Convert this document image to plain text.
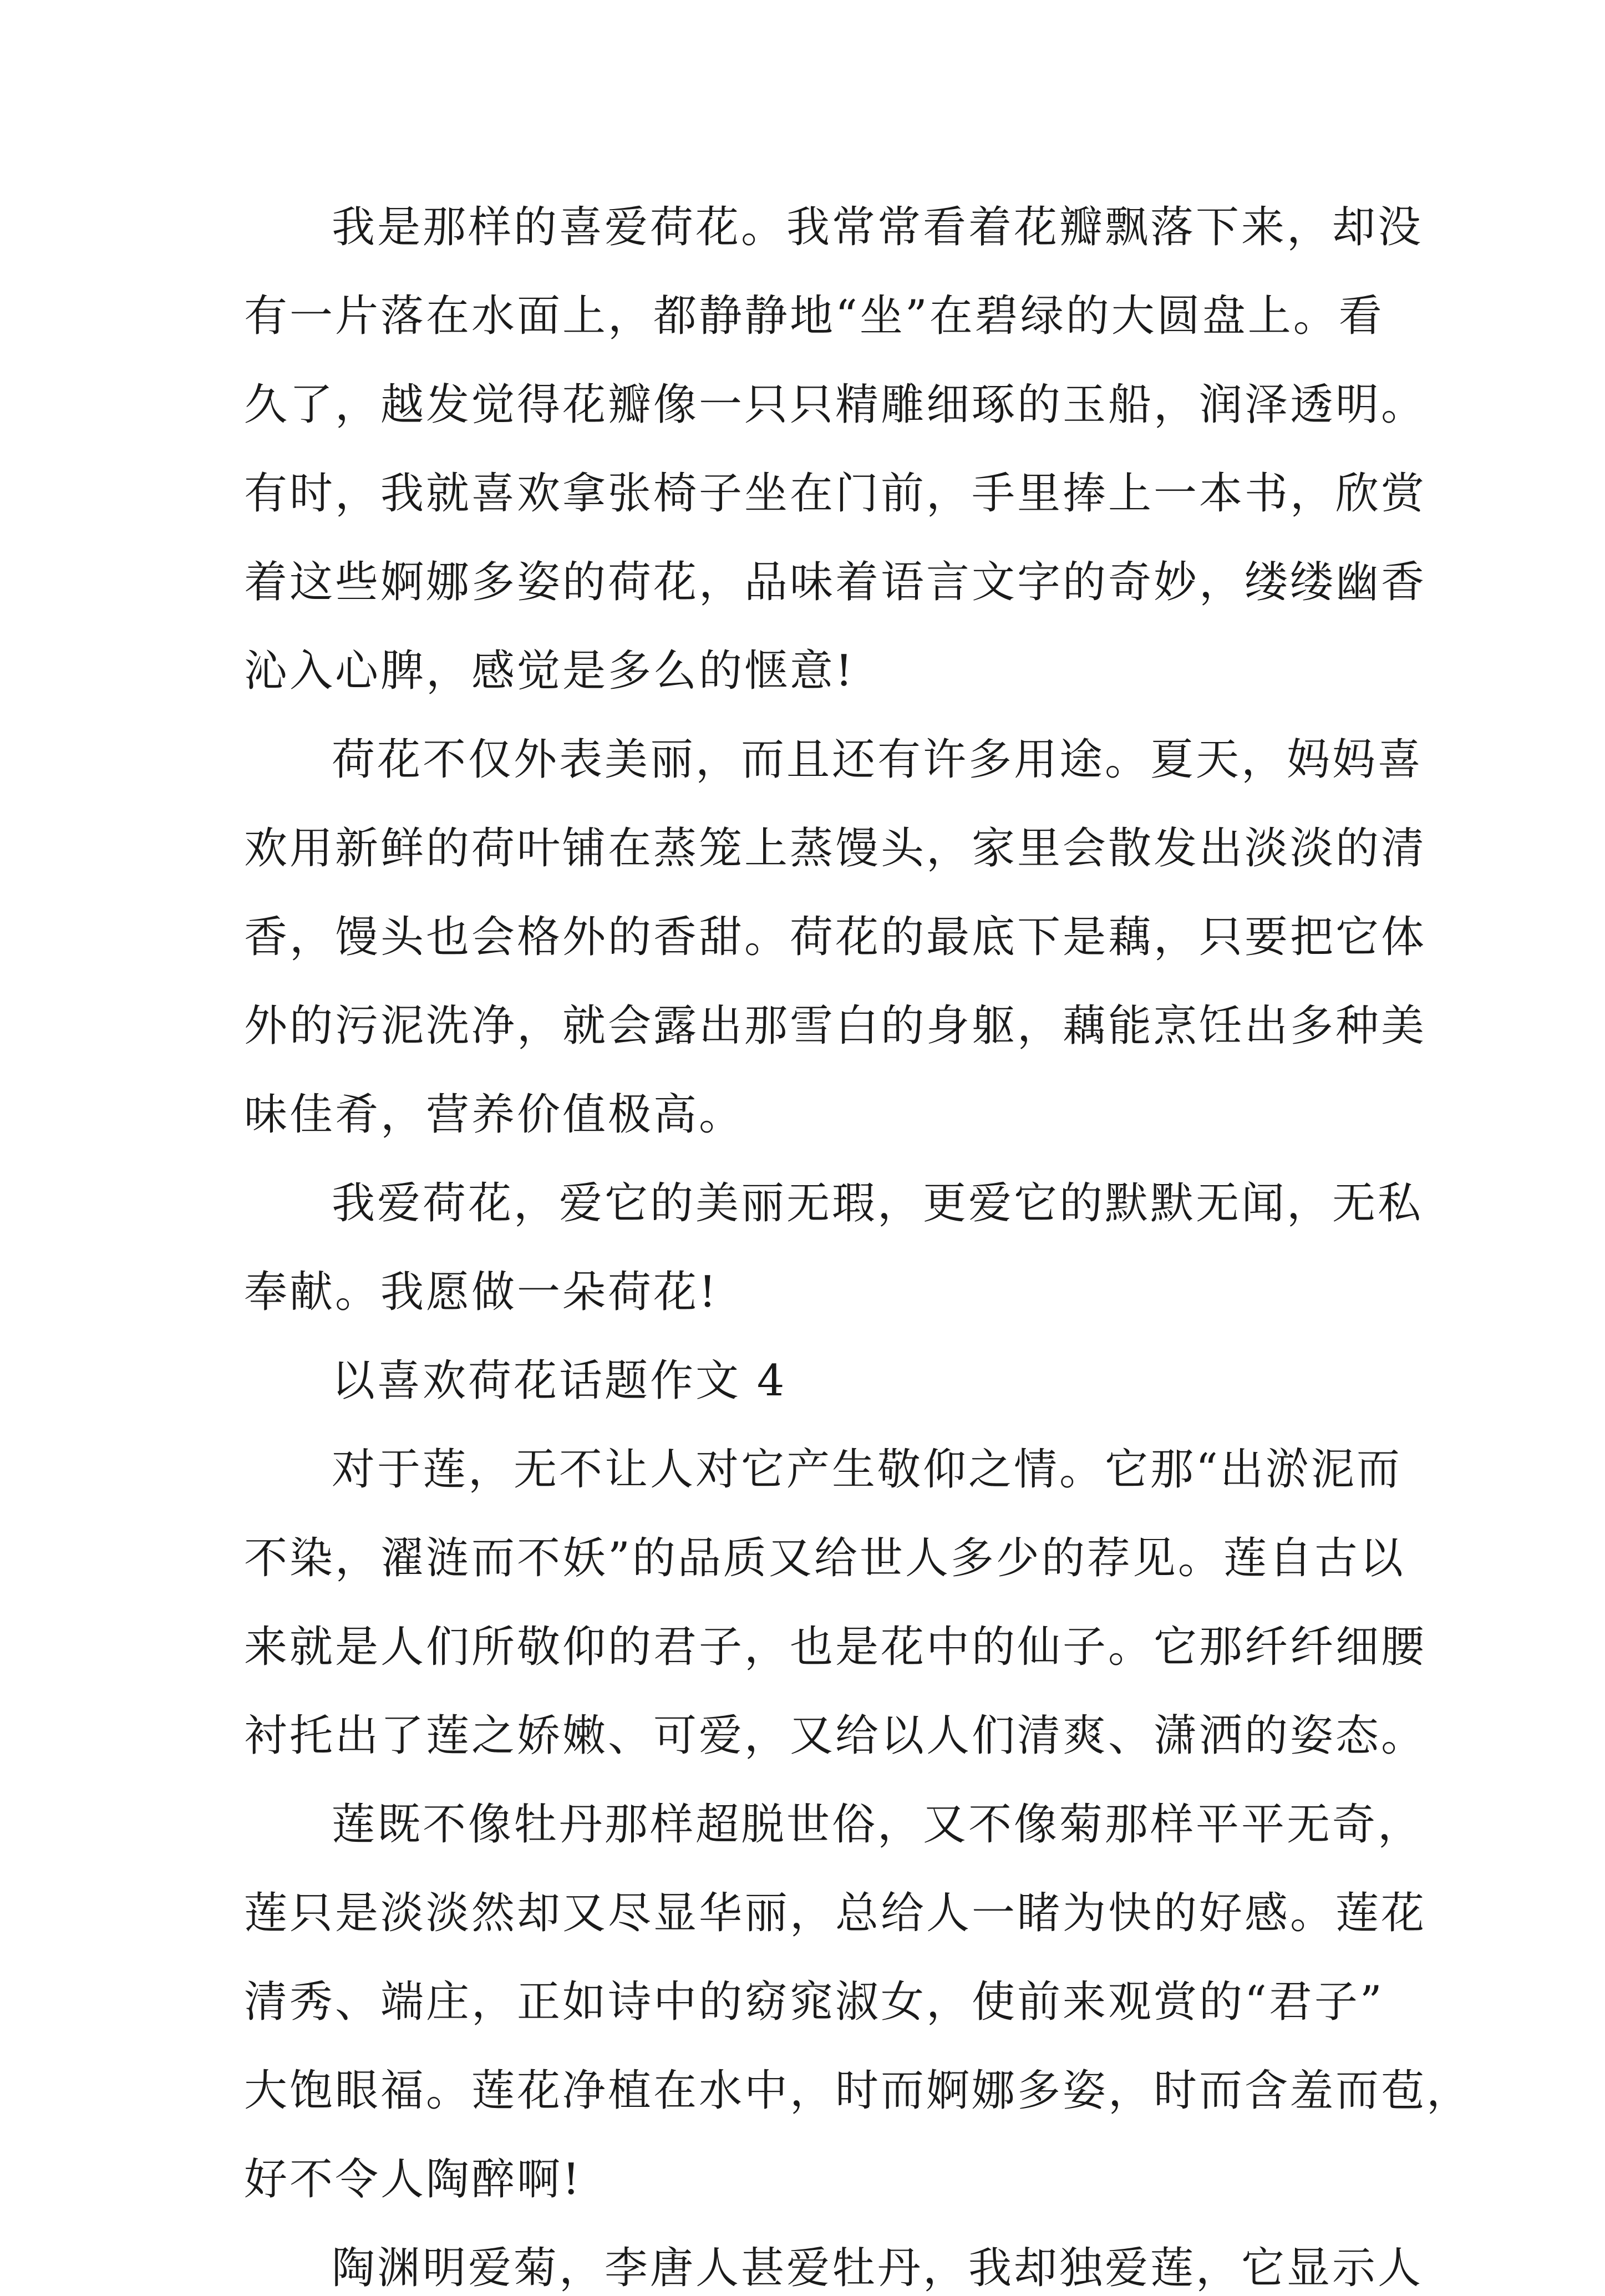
我是那样的喜爱荷花。我常常看着花瓣飘落下来，却没
有一片落在水面上，都静静地“坐”在碧绿的大圆盘上。看
久了，越发觉得花瓣像一只只精雕细琢的玉船，润泽透明。
有时，我就喜欢拿张椅子坐在门前，手里捧上一本书，欣赏
着这些婀娜多姿的荷花，品味着语言文字的奇妙，缕缕幽香
沁入心脾，感觉是多么的惬意!
荷花不仅外表美丽，而且还有许多用途。夏天，妈妈喜
欢用新鲜的荷叶铺在蒸笼上蒸馒头，家里会散发出淡淡的清
香，馒头也会格外的香甜。荷花的最底下是藕，只要把它体
外的污泥洗净，就会露出那雪白的身躯，藕能烹饪出多种美
味佳肴，营养价值极高。
我爱荷花，爱它的美丽无瑕，更爱它的默默无闻，无私
奉献。我愿做一朵荷花!
以喜欢荷花话题作文 4
对于莲，无不让人对它产生敬仰之情。它那“出淤泥而
不染，濯涟而不妖”的品质又给世人多少的荐见。莲自古以
来就是人们所敬仰的君子，也是花中的仙子。它那纤纤细腰
衬托出了莲之娇嫩、可爱，又给以人们清爽、潇洒的姿态。
莲既不像牡丹那样超脱世俗，又不像菊那样平平无奇，
莲只是淡淡然却又尽显华丽，总给人一睹为快的好感。莲花
清秀、端庄，正如诗中的窈窕淑女，使前来观赏的“君子”
大饱眼福。莲花净植在水中，时而婀娜多姿，时而含羞而苞，
好不令人陶醉啊!
陶渊明爱菊，李唐人甚爱牡丹，我却独爱莲，它显示人
